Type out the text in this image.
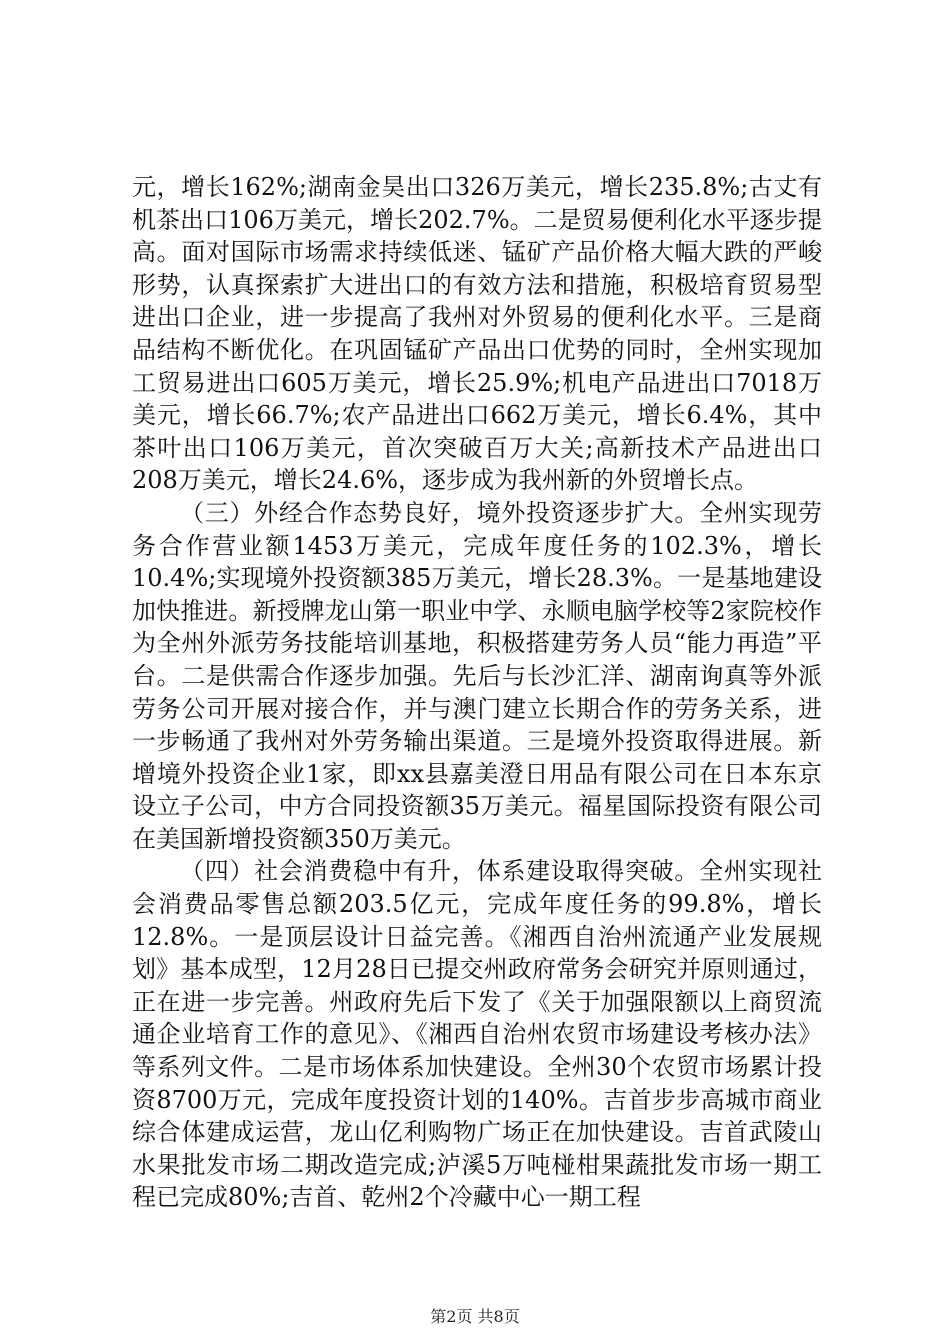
元，增长162%;湖南金昊出口326万美元，增长235.8%;古丈有机茶出口106万美元，增长202.7%。二是贸易便利化水平逐步提高。面对国际市场需求持续低迷、锰矿产品价格大幅大跌的严峻形势，认真探索扩大进出口的有效方法和措施，积极培育贸易型进出口企业，进一步提高了我州对外贸易的便利化水平。三是商品结构不断优化。在巩固锰矿产品出口优势的同时，全州实现加工贸易进出口605万美元，增长25.9%;机电产品进出口7018万美元，增长66.7%;农产品进出口662万美元，增长6.4%，其中茶叶出口106万美元，首次突破百万大关;高新技术产品进出口208万美元，增长24.6%，逐步成为我州新的外贸增长点。

（三）外经合作态势良好，境外投资逐步扩大。全州实现劳务合作营业额1453万美元，完成年度任务的102.3%，增长10.4%;实现境外投资额385万美元，增长28.3%。一是基地建设加快推进。新授牌龙山第一职业中学、永顺电脑学校等2家院校作为全州外派劳务技能培训基地，积极搭建劳务人员“能力再造”平台。二是供需合作逐步加强。先后与长沙汇洋、湖南询真等外派劳务公司开展对接合作，并与澳门建立长期合作的劳务关系，进一步畅通了我州对外劳务输出渠道。三是境外投资取得进展。新增境外投资企业1家，即xx县嘉美澄日用品有限公司在日本东京设立子公司，中方合同投资额35万美元。福星国际投资有限公司在美国新增投资额350万美元。

（四）社会消费稳中有升，体系建设取得突破。全州实现社会消费品零售总额203.5亿元，完成年度任务的99.8%，增长12.8%。一是顶层设计日益完善。《湘西自治州流通产业发展规划》基本成型，12月28日已提交州政府常务会研究并原则通过，正在进一步完善。州政府先后下发了《关于加强限额以上商贸流通企业培育工作的意见》、《湘西自治州农贸市场建设考核办法》等系列文件。二是市场体系加快建设。全州30个农贸市场累计投资8700万元，完成年度投资计划的140%。吉首步步高城市商业综合体建成运营，龙山亿利购物广场正在加快建设。吉首武陵山水果批发市场二期改造完成;泸溪5万吨椪柑果蔬批发市场一期工程已完成80%;吉首、乾州2个冷藏中心一期工程

第2页 共8页
